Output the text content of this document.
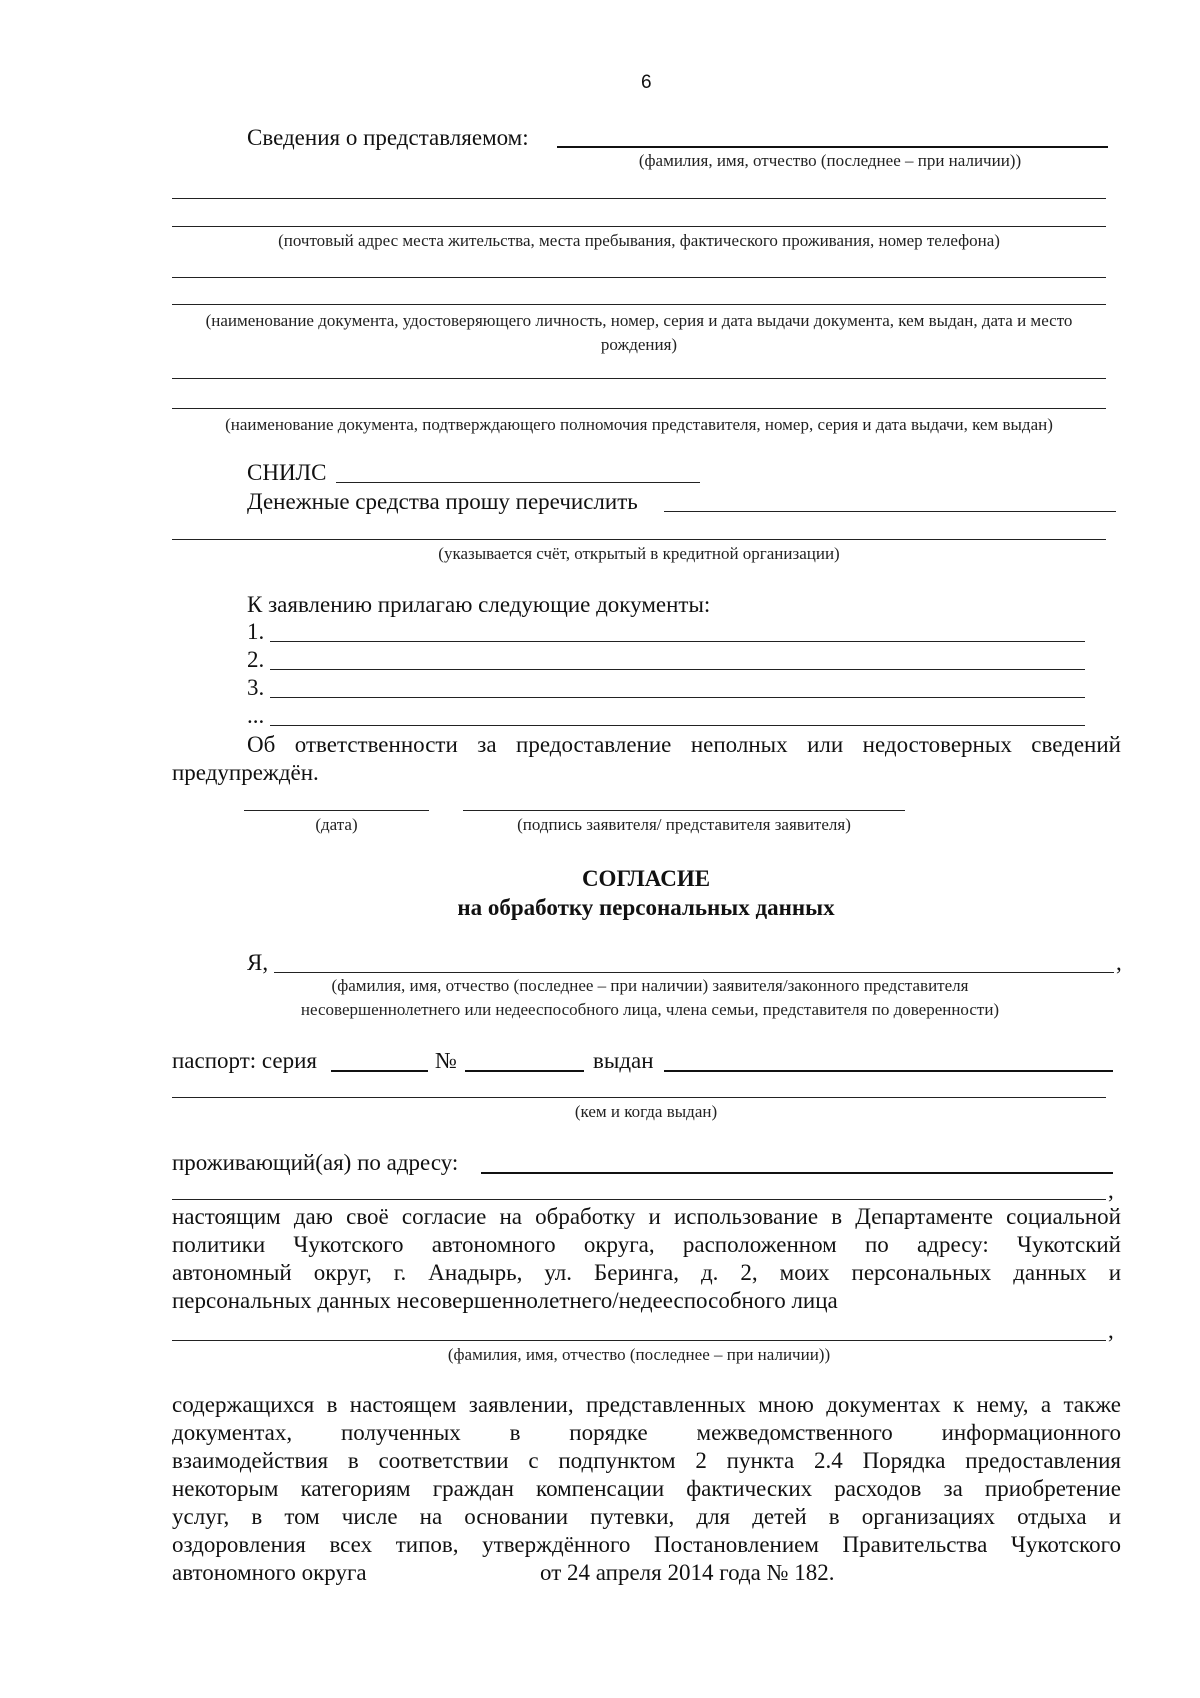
6
Сведения о представляемом:
(фамилия, имя, отчество (последнее – при наличии))
(почтовый адрес места жительства, места пребывания, фактического проживания, номер телефона)
(наименование документа, удостоверяющего личность, номер, серия и дата выдачи документа, кем выдан, дата и место рождения)
(наименование документа, подтверждающего полномочия представителя, номер, серия и дата выдачи, кем выдан)
СНИЛС
Денежные средства прошу перечислить
(указывается счёт, открытый в кредитной организации)
К заявлению прилагаю следующие документы:
1.
2.
3.
...
Об ответственности за предоставление неполных или недостоверных сведений
предупреждён.
(дата)	(подпись заявителя/ представителя заявителя)
СОГЛАСИЕ
на обработку персональных данных
Я,	,
(фамилия, имя, отчество (последнее – при наличии) заявителя/законного представителя
несовершеннолетнего или недееспособного лица, члена семьи, представителя по доверенности)
паспорт: серия	№	выдан
(кем и когда выдан)
проживающий(ая) по адресу:
,
настоящим даю своё согласие на обработку и использование в Департаменте социальной
политики Чукотского автономного округа, расположенном по адресу: Чукотский
автономный округ, г. Анадырь, ул. Беринга, д. 2, моих персональных данных и
персональных данных несовершеннолетнего/недееспособного лица
,
(фамилия, имя, отчество (последнее – при наличии))
содержащихся в настоящем заявлении, представленных мною документах к нему, а также
документах, полученных в порядке межведомственного информационного
взаимодействия в соответствии с подпунктом 2 пункта 2.4 Порядка предоставления
некоторым категориям граждан компенсации фактических расходов за приобретение
услуг, в том числе на основании путевки, для детей в организациях отдыха и
оздоровления всех типов, утверждённого Постановлением Правительства Чукотского
автономного округа	от 24 апреля 2014 года № 182.
